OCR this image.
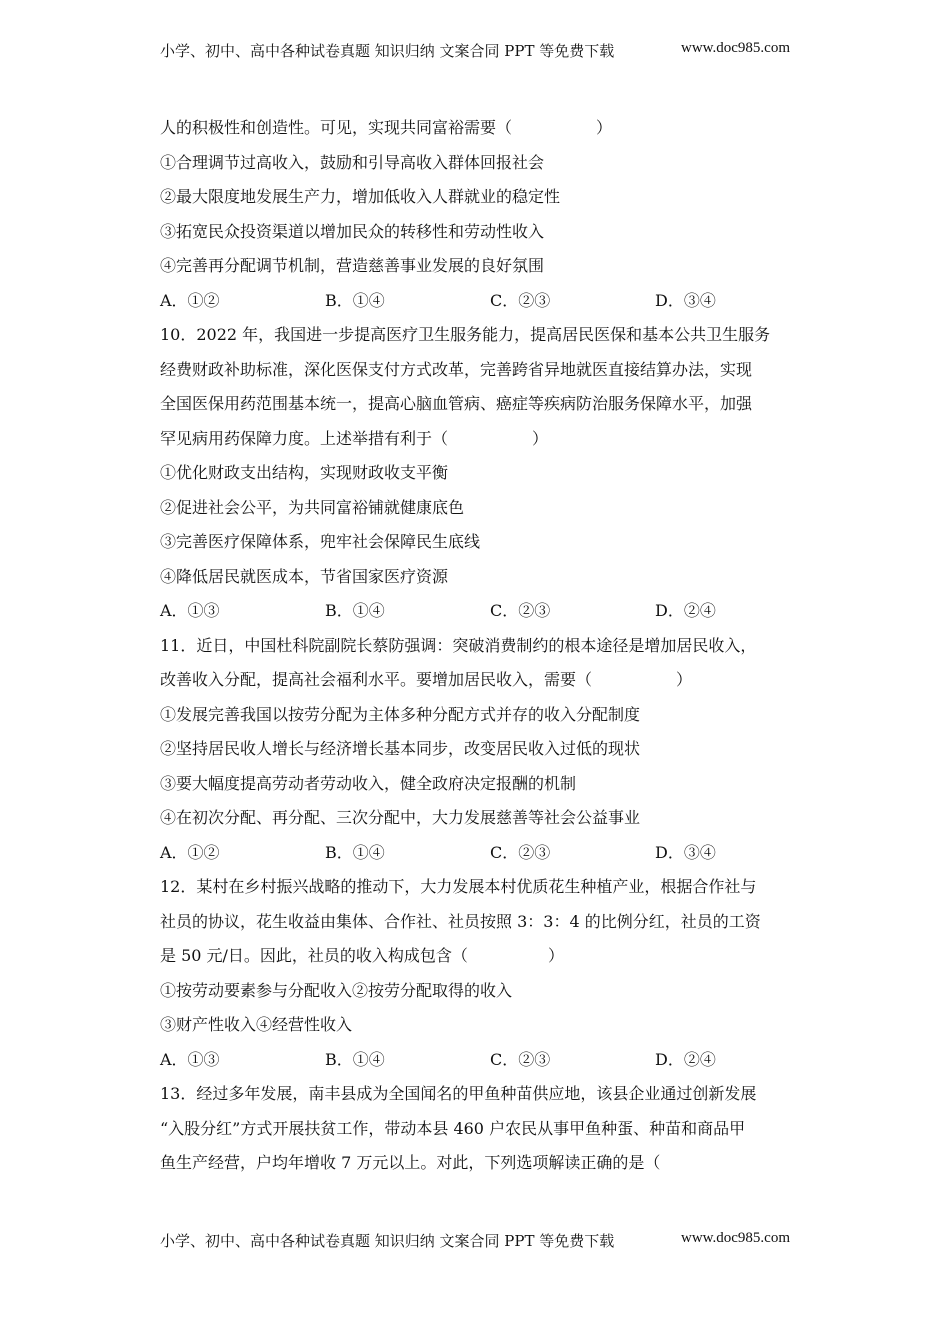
小学、初中、高中各种试卷真题 知识归纳 文案合同 PPT 等免费下载	www.doc985.com
人的积极性和创造性。可见，实现共同富裕需要（	）
①合理调节过高收入，鼓励和引导高收入群体回报社会
②最大限度地发展生产力，增加低收入人群就业的稳定性
③拓宽民众投资渠道以增加民众的转移性和劳动性收入
④完善再分配调节机制，营造慈善事业发展的良好氛围
A．①②	B．①④	C．②③	D．③④
10．2022 年，我国进一步提高医疗卫生服务能力，提高居民医保和基本公共卫生服务
经费财政补助标准，深化医保支付方式改革，完善跨省异地就医直接结算办法，实现
全国医保用药范围基本统一，提高心脑血管病、癌症等疾病防治服务保障水平，加强
罕见病用药保障力度。上述举措有利于（	）
①优化财政支出结构，实现财政收支平衡
②促进社会公平，为共同富裕铺就健康底色
③完善医疗保障体系，兜牢社会保障民生底线
④降低居民就医成本，节省国家医疗资源
A．①③	B．①④	C．②③	D．②④
11．近日，中国杜科院副院长蔡防强调：突破消费制约的根本途径是增加居民收入，
改善收入分配，提高社会福利水平。要增加居民收入，需要（	）
①发展完善我国以按劳分配为主体多种分配方式并存的收入分配制度
②坚持居民收人增长与经济增长基本同步，改变居民收入过低的现状
③要大幅度提高劳动者劳动收入，健全政府决定报酬的机制
④在初次分配、再分配、三次分配中，大力发展慈善等社会公益事业
A．①②	B．①④	C．②③	D．③④
12．某村在乡村振兴战略的推动下，大力发展本村优质花生种植产业，根据合作社与
社员的协议，花生收益由集体、合作社、社员按照 3：3：4 的比例分红，社员的工资
是 50 元/日。因此，社员的收入构成包含（	）
①按劳动要素参与分配收入②按劳分配取得的收入
③财产性收入④经营性收入
A．①③	B．①④	C．②③	D．②④
13．经过多年发展，南丰县成为全国闻名的甲鱼种苗供应地，该县企业通过创新发展
“入股分红”方式开展扶贫工作，带动本县 460 户农民从事甲鱼种蛋、种苗和商品甲
鱼生产经营，户均年增收 7 万元以上。对此，下列选项解读正确的是（
小学、初中、高中各种试卷真题 知识归纳 文案合同 PPT 等免费下载	www.doc985.com
